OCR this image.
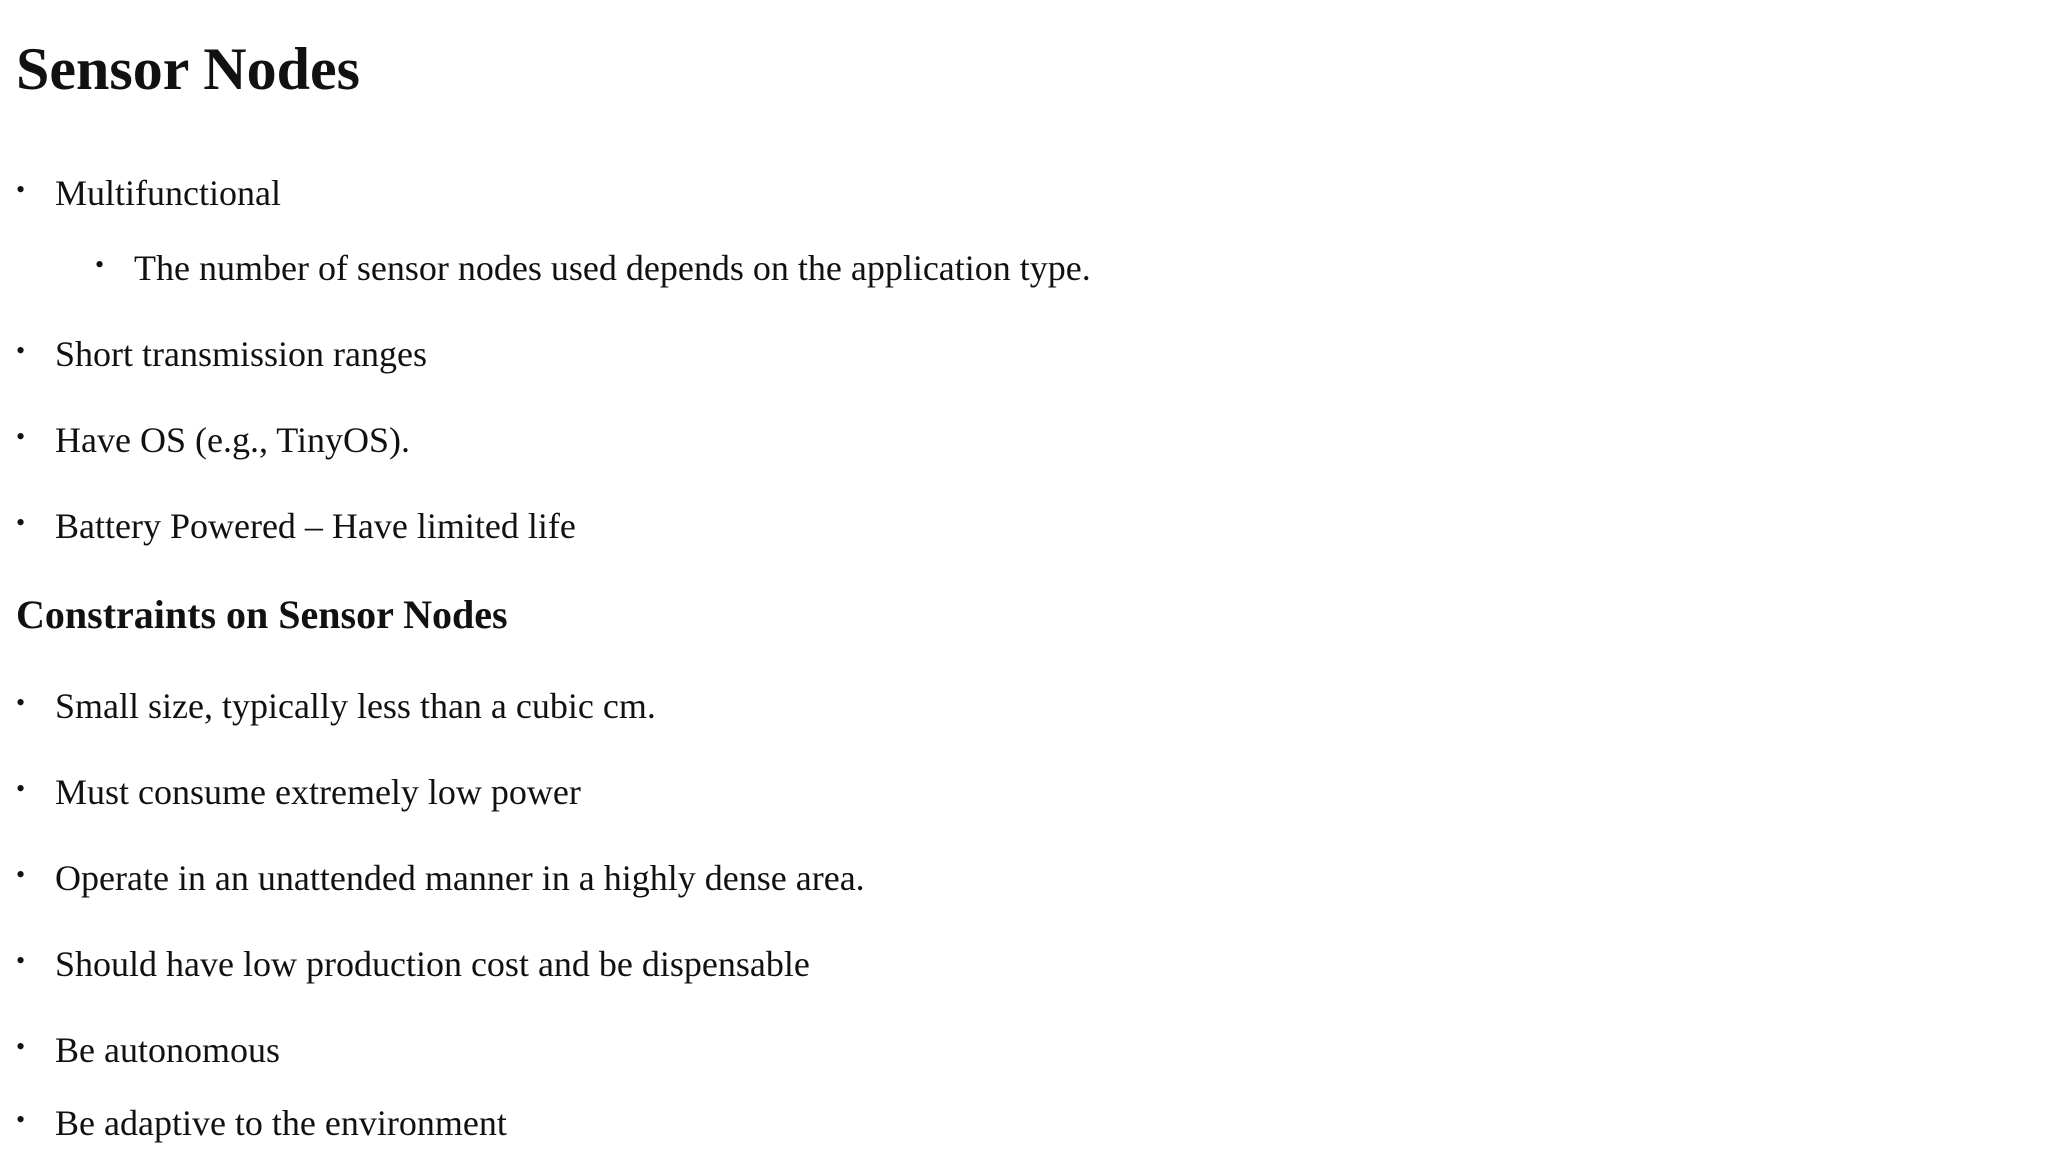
Sensor Nodes
• Multifunctional
• The number of sensor nodes used depends on the application type.
• Short transmission ranges
• Have OS (e.g., TinyOS).
• Battery Powered – Have limited life
Constraints on Sensor Nodes
• Small size, typically less than a cubic cm.
• Must consume extremely low power
• Operate in an unattended manner in a highly dense area.
• Should have low production cost and be dispensable
• Be autonomous
• Be adaptive to the environment
